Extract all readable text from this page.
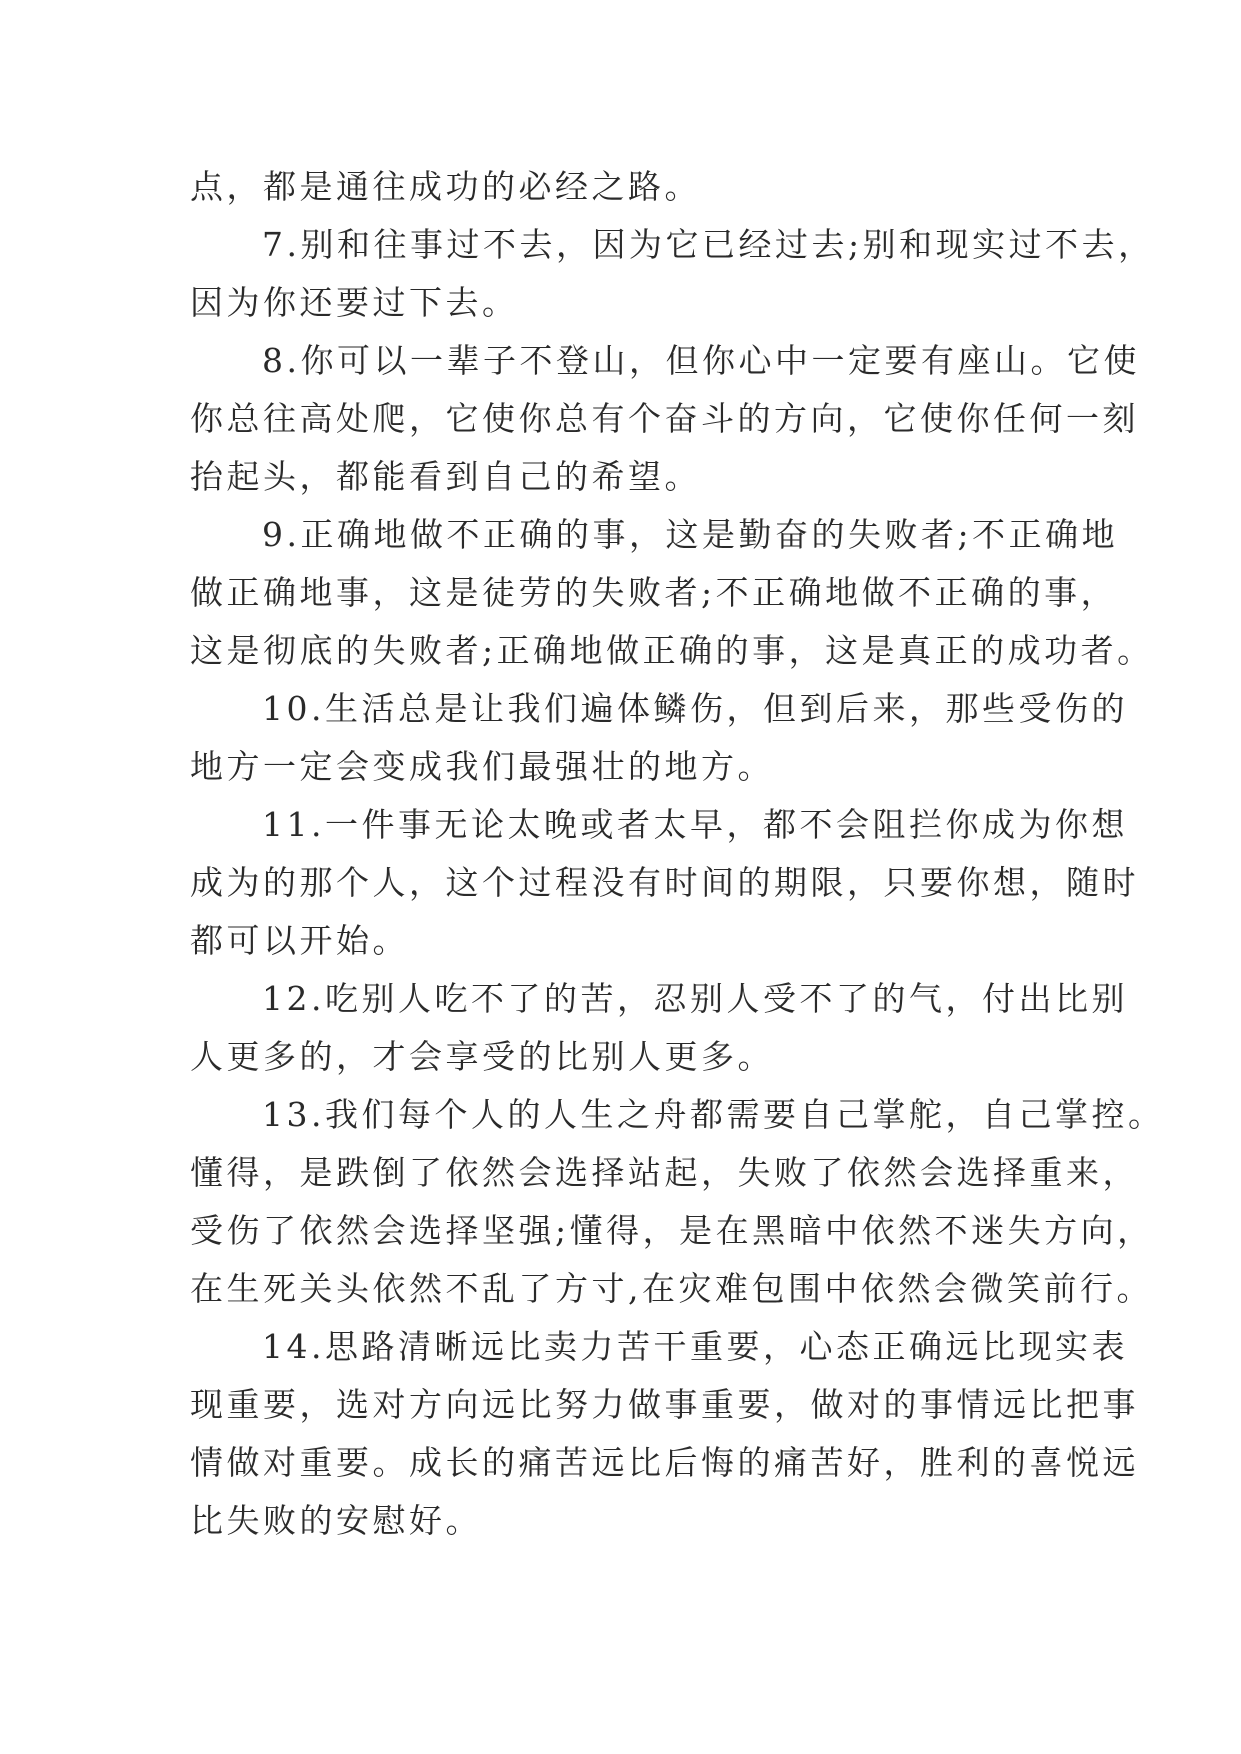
点，都是通往成功的必经之路。

7.别和往事过不去，因为它已经过去;别和现实过不去，
因为你还要过下去。

8.你可以一辈子不登山，但你心中一定要有座山。它使
你总往高处爬，它使你总有个奋斗的方向，它使你任何一刻
抬起头，都能看到自己的希望。

9.正确地做不正确的事，这是勤奋的失败者;不正确地
做正确地事，这是徒劳的失败者;不正确地做不正确的事，
这是彻底的失败者;正确地做正确的事，这是真正的成功者。

10.生活总是让我们遍体鳞伤，但到后来，那些受伤的
地方一定会变成我们最强壮的地方。

11.一件事无论太晚或者太早，都不会阻拦你成为你想
成为的那个人，这个过程没有时间的期限，只要你想，随时
都可以开始。

12.吃别人吃不了的苦，忍别人受不了的气，付出比别
人更多的，才会享受的比别人更多。

13.我们每个人的人生之舟都需要自己掌舵，自己掌控。
懂得，是跌倒了依然会选择站起，失败了依然会选择重来，
受伤了依然会选择坚强;懂得，是在黑暗中依然不迷失方向，
在生死关头依然不乱了方寸,在灾难包围中依然会微笑前行。

14.思路清晰远比卖力苦干重要，心态正确远比现实表
现重要，选对方向远比努力做事重要，做对的事情远比把事
情做对重要。成长的痛苦远比后悔的痛苦好，胜利的喜悦远
比失败的安慰好。
